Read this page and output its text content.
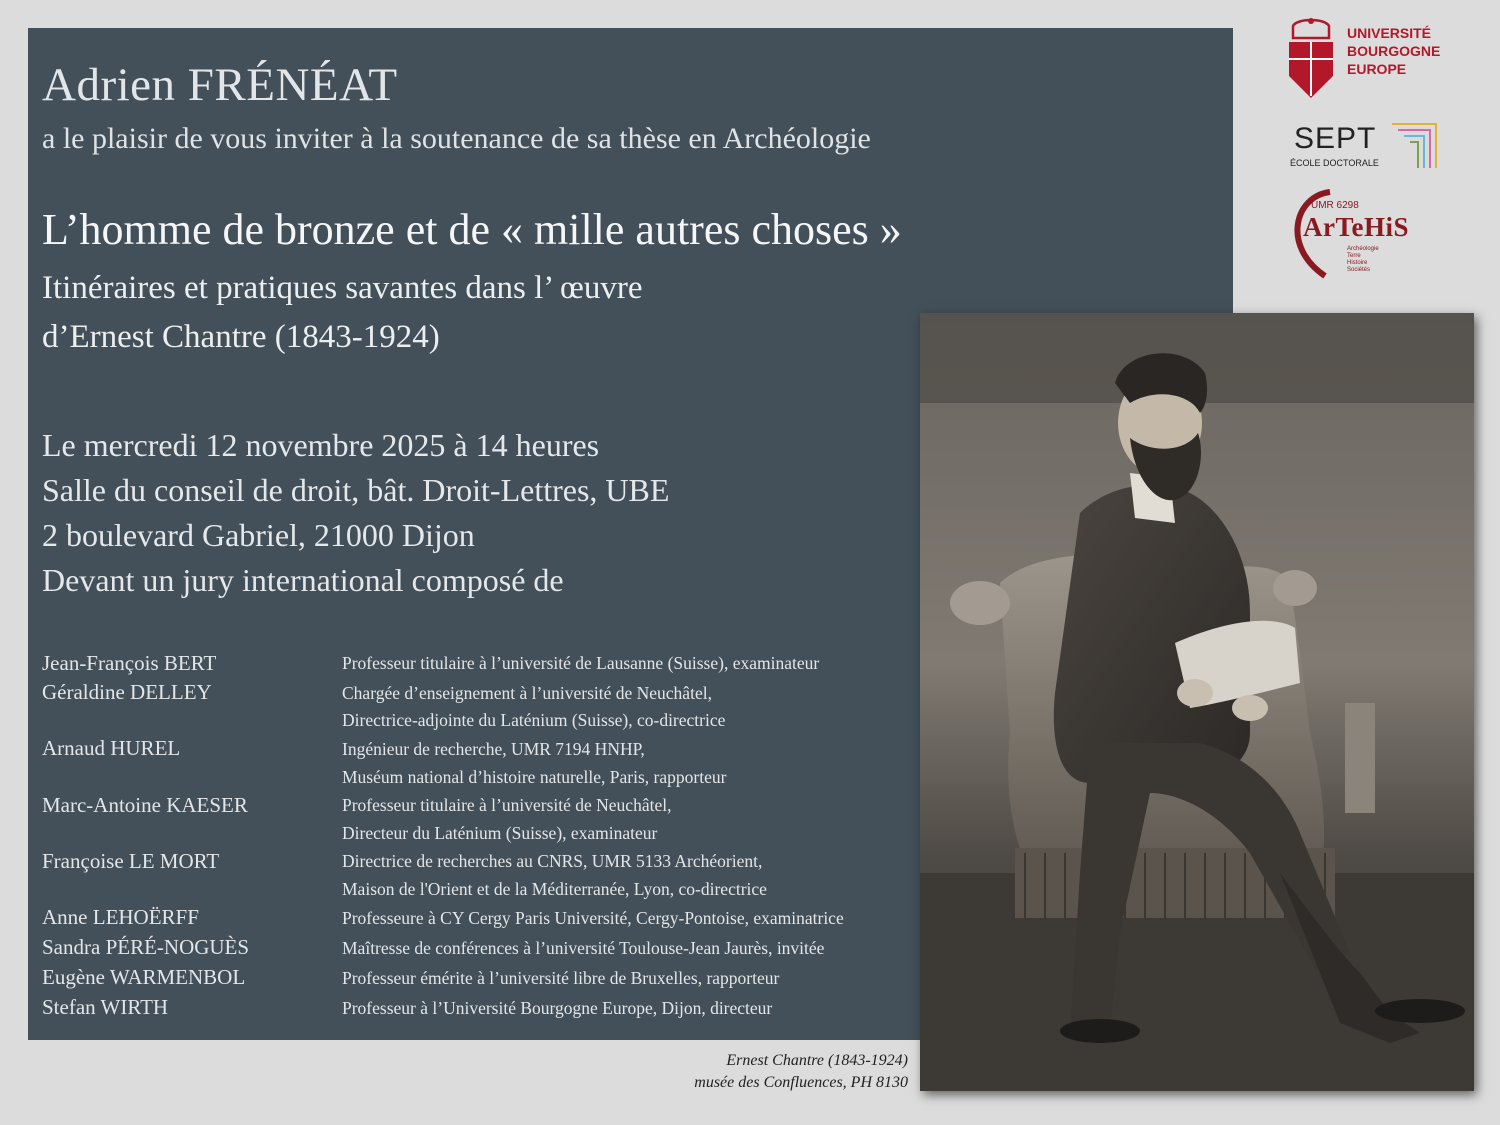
Adrien FRÉNÉAT
a le plaisir de vous inviter à la soutenance de sa thèse en Archéologie
L’homme de bronze et de « mille autres choses »
Itinéraires et pratiques savantes dans l’ œuvre
d’Ernest Chantre (1843-1924)
Le mercredi 12 novembre 2025 à 14 heures
Salle du conseil de droit, bât. Droit-Lettres, UBE
2 boulevard Gabriel, 21000 Dijon
Devant un jury international composé de
Jean-François BERT	Professeur titulaire à l’université de Lausanne (Suisse), examinateur
Géraldine DELLEY	Chargée d’enseignement à l’université de Neuchâtel,
Directrice-adjointe du Laténium (Suisse), co-directrice
Arnaud HUREL	Ingénieur de recherche, UMR 7194 HNHP,
Muséum national d’histoire naturelle, Paris, rapporteur
Marc-Antoine KAESER	Professeur titulaire à l’université de Neuchâtel,
Directeur du Laténium (Suisse), examinateur
Françoise LE MORT	Directrice de recherches au CNRS, UMR 5133 Archéorient,
Maison de l'Orient et de la Méditerranée, Lyon, co-directrice
Anne LEHOËRFF	Professeure à CY Cergy Paris Université, Cergy-Pontoise, examinatrice
Sandra PÉRÉ-NOGUÈS	Maîtresse de conférences à l’université Toulouse-Jean Jaurès, invitée
Eugène WARMENBOL	Professeur émérite à l’université libre de Bruxelles, rapporteur
Stefan WIRTH	Professeur à l’Université Bourgogne Europe, Dijon, directeur
Ernest Chantre (1843-1924)
musée des Confluences, PH 8130
UNIVERSITÉ
BOURGOGNE
EUROPE
SEPT
ÉCOLE DOCTORALE
UMR 6298
ArTeHiS
Archéologie
Terre
Histoire
Sociétés
